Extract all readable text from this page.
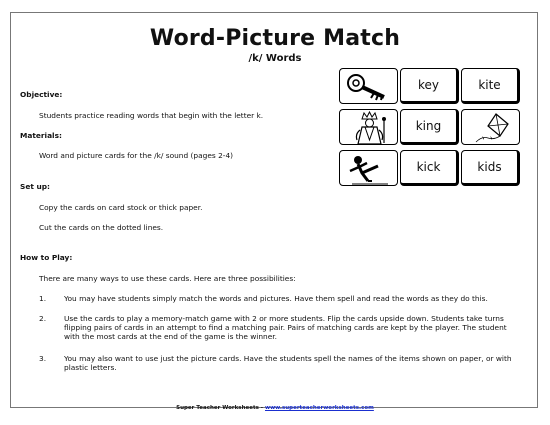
Word-Picture Match
/k/ Words
Objective:
Students practice reading words that begin with the letter k.
Materials:
Word and picture cards for the /k/ sound (pages 2-4)
Set up:
Copy the cards on card stock or thick paper.
Cut the cards on the dotted lines.
How to Play:
There are many ways to use these cards. Here are three possibilities:
1. You may have students simply match the words and pictures. Have them spell and read the words as they do this.
2. Use the cards to play a memory-match game with 2 or more students. Flip the cards upside down. Students take turns flipping pairs of cards in an attempt to find a matching pair. Pairs of matching cards are kept by the player. The student with the most cards at the end of the game is the winner.
3. You may also want to use just the picture cards. Have the students spell the names of the items shown on paper, or with plastic letters.
key	kite
king
kick	kids
Super Teacher Worksheets - www.superteacherworksheets.com
